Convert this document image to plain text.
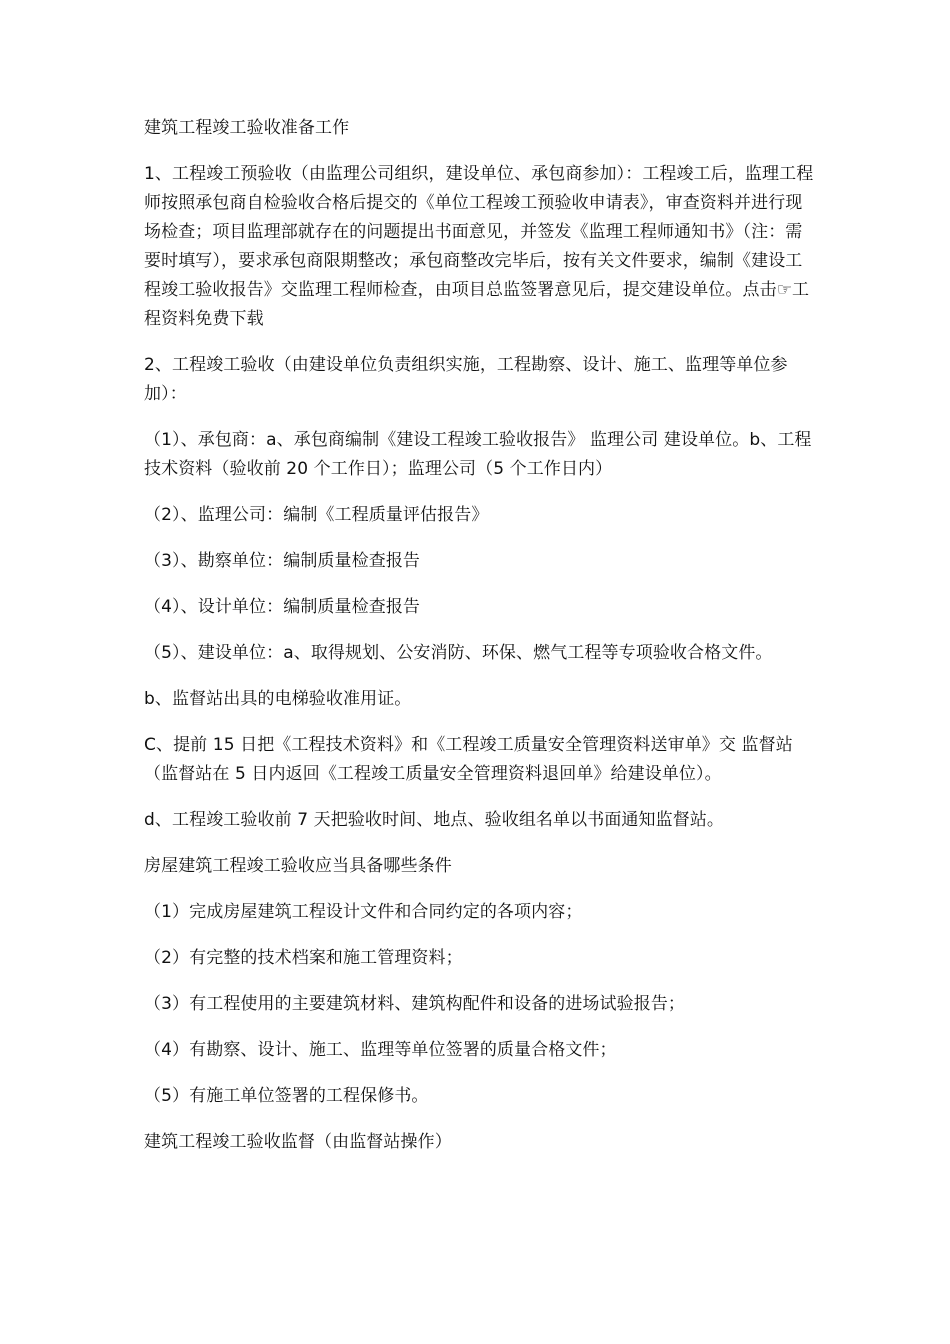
建筑工程竣工验收准备工作

1、工程竣工预验收（由监理公司组织，建设单位、承包商参加）：工程竣工后，监理工程师按照承包商自检验收合格后提交的《单位工程竣工预验收申请表》，审查资料并进行现场检查；项目监理部就存在的问题提出书面意见，并签发《监理工程师通知书》（注：需要时填写），要求承包商限期整改；承包商整改完毕后，按有关文件要求，编制《建设工程竣工验收报告》交监理工程师检查，由项目总监签署意见后，提交建设单位。点击☞工程资料免费下载

2、工程竣工验收（由建设单位负责组织实施，工程勘察、设计、施工、监理等单位参加）：

（1）、承包商：a、承包商编制《建设工程竣工验收报告》 监理公司 建设单位。b、工程技术资料（验收前 20 个工作日）；监理公司（5 个工作日内）

（2）、监理公司：编制《工程质量评估报告》

（3）、勘察单位：编制质量检查报告

（4）、设计单位：编制质量检查报告

（5）、建设单位：a、取得规划、公安消防、环保、燃气工程等专项验收合格文件。

b、监督站出具的电梯验收准用证。

C、提前 15 日把《工程技术资料》和《工程竣工质量安全管理资料送审单》交 监督站（监督站在 5 日内返回《工程竣工质量安全管理资料退回单》给建设单位）。

d、工程竣工验收前 7 天把验收时间、地点、验收组名单以书面通知监督站。

房屋建筑工程竣工验收应当具备哪些条件

（1）完成房屋建筑工程设计文件和合同约定的各项内容；

（2）有完整的技术档案和施工管理资料；

（3）有工程使用的主要建筑材料、建筑构配件和设备的进场试验报告；

（4）有勘察、设计、施工、监理等单位签署的质量合格文件；

（5）有施工单位签署的工程保修书。

建筑工程竣工验收监督（由监督站操作）
